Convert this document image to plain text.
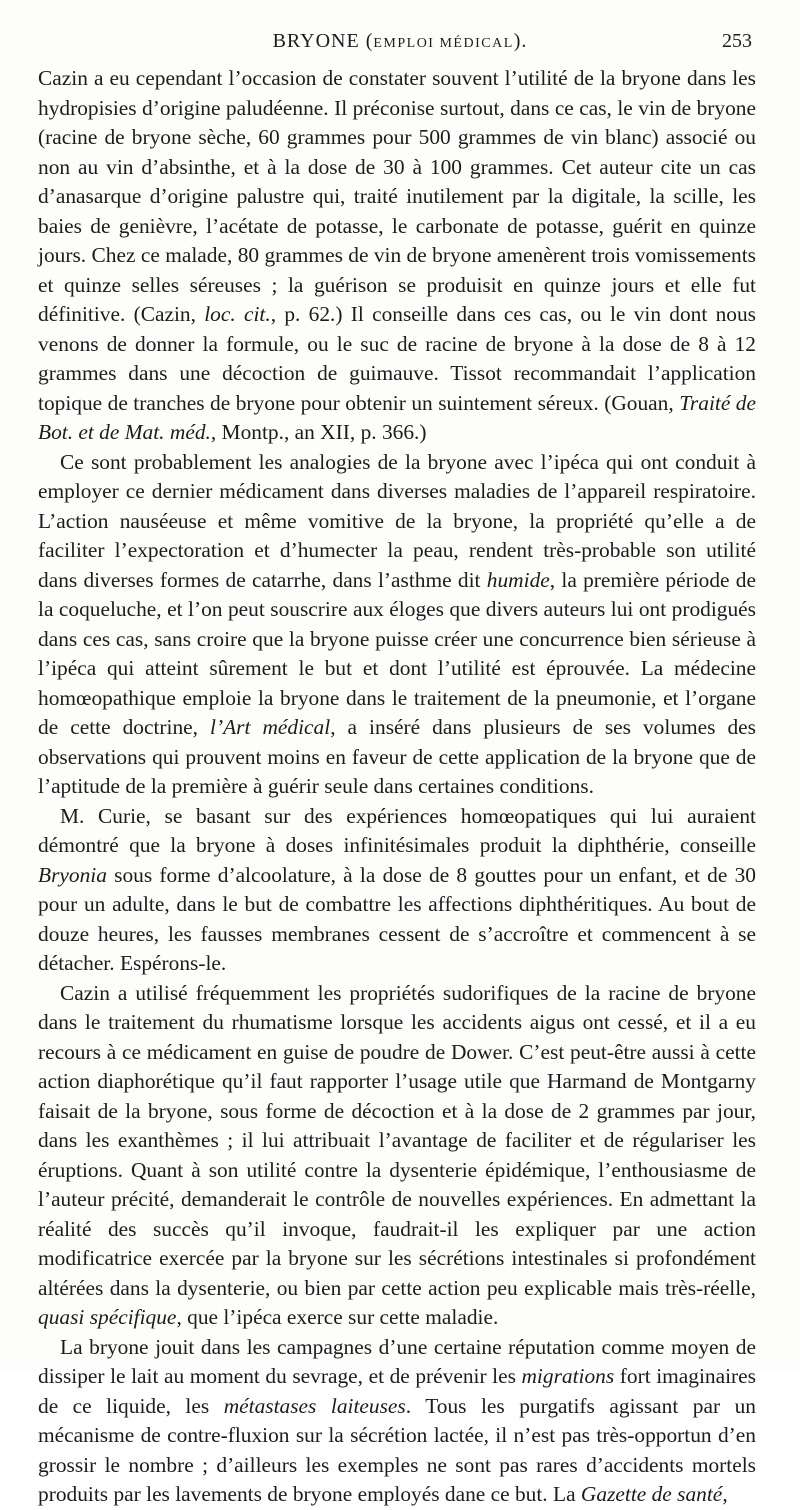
BRYONE (EMPLOI MÉDICAL).	253

Cazin a eu cependant l’occasion de constater souvent l’utilité de la bryone dans les hydropisies d’origine paludéenne. Il préconise surtout, dans ce cas, le vin de bryone (racine de bryone sèche, 60 grammes pour 500 grammes de vin blanc) associé ou non au vin d’absinthe, et à la dose de 30 à 100 grammes. Cet auteur cite un cas d’anasarque d’origine palustre qui, traité inutilement par la digitale, la scille, les baies de genièvre, l’acétate de potasse, le carbonate de potasse, guérit en quinze jours. Chez ce malade, 80 grammes de vin de bryone amenèrent trois vomissements et quinze selles séreuses ; la guérison se produisit en quinze jours et elle fut définitive. (Cazin, loc. cit., p. 62.) Il conseille dans ces cas, ou le vin dont nous venons de donner la formule, ou le suc de racine de bryone à la dose de 8 à 12 grammes dans une décoction de guimauve. Tissot recommandait l’application topique de tranches de bryone pour obtenir un suintement séreux. (Gouan, Traité de Bot. et de Mat. méd., Montp., an XII, p. 366.)

Ce sont probablement les analogies de la bryone avec l’ipéca qui ont conduit à employer ce dernier médicament dans diverses maladies de l’appareil respiratoire. L’action nauséeuse et même vomitive de la bryone, la propriété qu’elle a de faciliter l’expectoration et d’humecter la peau, rendent très-probable son utilité dans diverses formes de catarrhe, dans l’asthme dit humide, la première période de la coqueluche, et l’on peut souscrire aux éloges que divers auteurs lui ont prodigués dans ces cas, sans croire que la bryone puisse créer une concurrence bien sérieuse à l’ipéca qui atteint sûrement le but et dont l’utilité est éprouvée. La médecine homœopathique emploie la bryone dans le traitement de la pneumonie, et l’organe de cette doctrine, l’Art médical, a inséré dans plusieurs de ses volumes des observations qui prouvent moins en faveur de cette application de la bryone que de l’aptitude de la première à guérir seule dans certaines conditions.

M. Curie, se basant sur des expériences homœopatiques qui lui auraient démontré que la bryone à doses infinitésimales produit la diphthérie, conseille Bryonia sous forme d’alcoolature, à la dose de 8 gouttes pour un enfant, et de 30 pour un adulte, dans le but de combattre les affections diphthéritiques. Au bout de douze heures, les fausses membranes cessent de s’accroître et commencent à se détacher. Espérons-le.

Cazin a utilisé fréquemment les propriétés sudorifiques de la racine de bryone dans le traitement du rhumatisme lorsque les accidents aigus ont cessé, et il a eu recours à ce médicament en guise de poudre de Dower. C’est peut-être aussi à cette action diaphorétique qu’il faut rapporter l’usage utile que Harmand de Montgarny faisait de la bryone, sous forme de décoction et à la dose de 2 grammes par jour, dans les exanthèmes ; il lui attribuait l’avantage de faciliter et de régulariser les éruptions. Quant à son utilité contre la dysenterie épidémique, l’enthousiasme de l’auteur précité, demanderait le contrôle de nouvelles expériences. En admettant la réalité des succès qu’il invoque, faudrait-il les expliquer par une action modificatrice exercée par la bryone sur les sécrétions intestinales si profondément altérées dans la dysenterie, ou bien par cette action peu explicable mais très-réelle, quasi spécifique, que l’ipéca exerce sur cette maladie.

La bryone jouit dans les campagnes d’une certaine réputation comme moyen de dissiper le lait au moment du sevrage, et de prévenir les migrations fort imaginaires de ce liquide, les métastases laiteuses. Tous les purgatifs agissant par un mécanisme de contre-fluxion sur la sécrétion lactée, il n’est pas très-opportun d’en grossir le nombre ; d’ailleurs les exemples ne sont pas rares d’accidents mortels produits par les lavements de bryone employés dane ce but. La Gazette de santé,
